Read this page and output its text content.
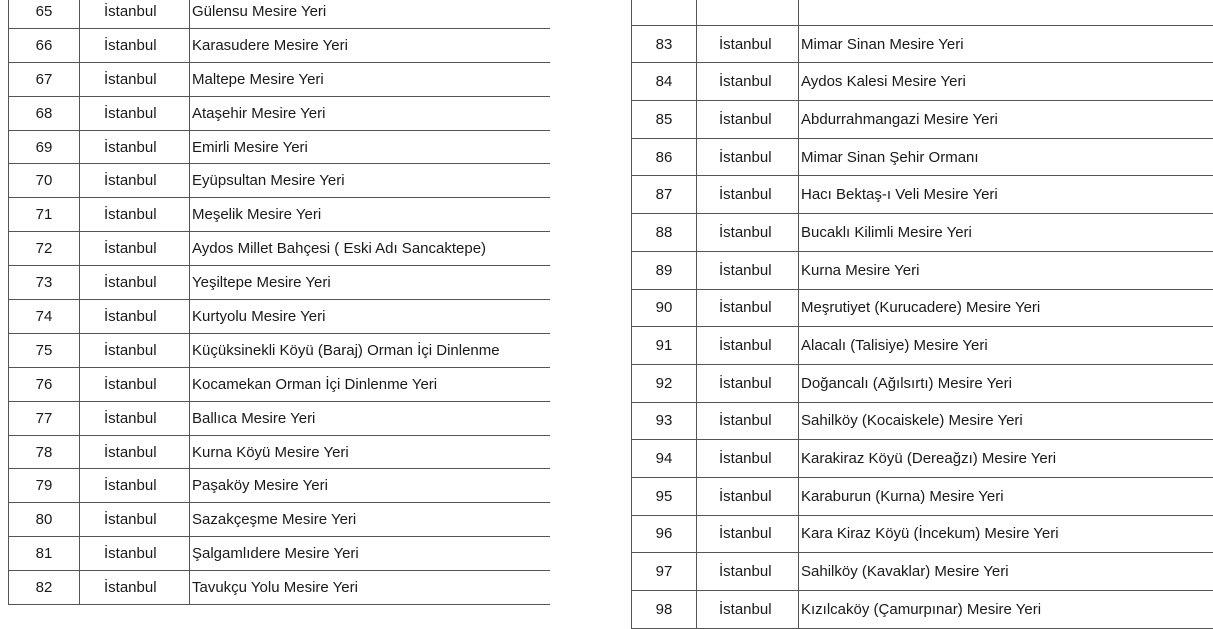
65	İstanbul	Gülensu Mesire Yeri
66	İstanbul	Karasudere Mesire Yeri
67	İstanbul	Maltepe Mesire Yeri
68	İstanbul	Ataşehir Mesire Yeri
69	İstanbul	Emirli Mesire Yeri
70	İstanbul	Eyüpsultan Mesire Yeri
71	İstanbul	Meşelik Mesire Yeri
72	İstanbul	Aydos Millet Bahçesi ( Eski Adı Sancaktepe)
73	İstanbul	Yeşiltepe Mesire Yeri
74	İstanbul	Kurtyolu Mesire Yeri
75	İstanbul	Küçüksinekli Köyü (Baraj) Orman İçi Dinlenme
76	İstanbul	Kocamekan Orman İçi Dinlenme Yeri
77	İstanbul	Ballıca Mesire Yeri
78	İstanbul	Kurna Köyü Mesire Yeri
79	İstanbul	Paşaköy Mesire Yeri
80	İstanbul	Sazakçeşme Mesire Yeri
81	İstanbul	Şalgamlıdere Mesire Yeri
82	İstanbul	Tavukçu Yolu Mesire Yeri

83	İstanbul	Mimar Sinan Mesire Yeri
84	İstanbul	Aydos Kalesi Mesire Yeri
85	İstanbul	Abdurrahmangazi Mesire Yeri
86	İstanbul	Mimar Sinan Şehir Ormanı
87	İstanbul	Hacı Bektaş-ı Veli Mesire Yeri
88	İstanbul	Bucaklı Kilimli Mesire Yeri
89	İstanbul	Kurna Mesire Yeri
90	İstanbul	Meşrutiyet (Kurucadere) Mesire Yeri
91	İstanbul	Alacalı (Talisiye) Mesire Yeri
92	İstanbul	Doğancalı (Ağılsırtı) Mesire Yeri
93	İstanbul	Sahilköy (Kocaiskele) Mesire Yeri
94	İstanbul	Karakiraz Köyü (Dereağzı) Mesire Yeri
95	İstanbul	Karaburun (Kurna) Mesire Yeri
96	İstanbul	Kara Kiraz Köyü (İncekum) Mesire Yeri
97	İstanbul	Sahilköy (Kavaklar) Mesire Yeri
98	İstanbul	Kızılcaköy (Çamurpınar) Mesire Yeri
